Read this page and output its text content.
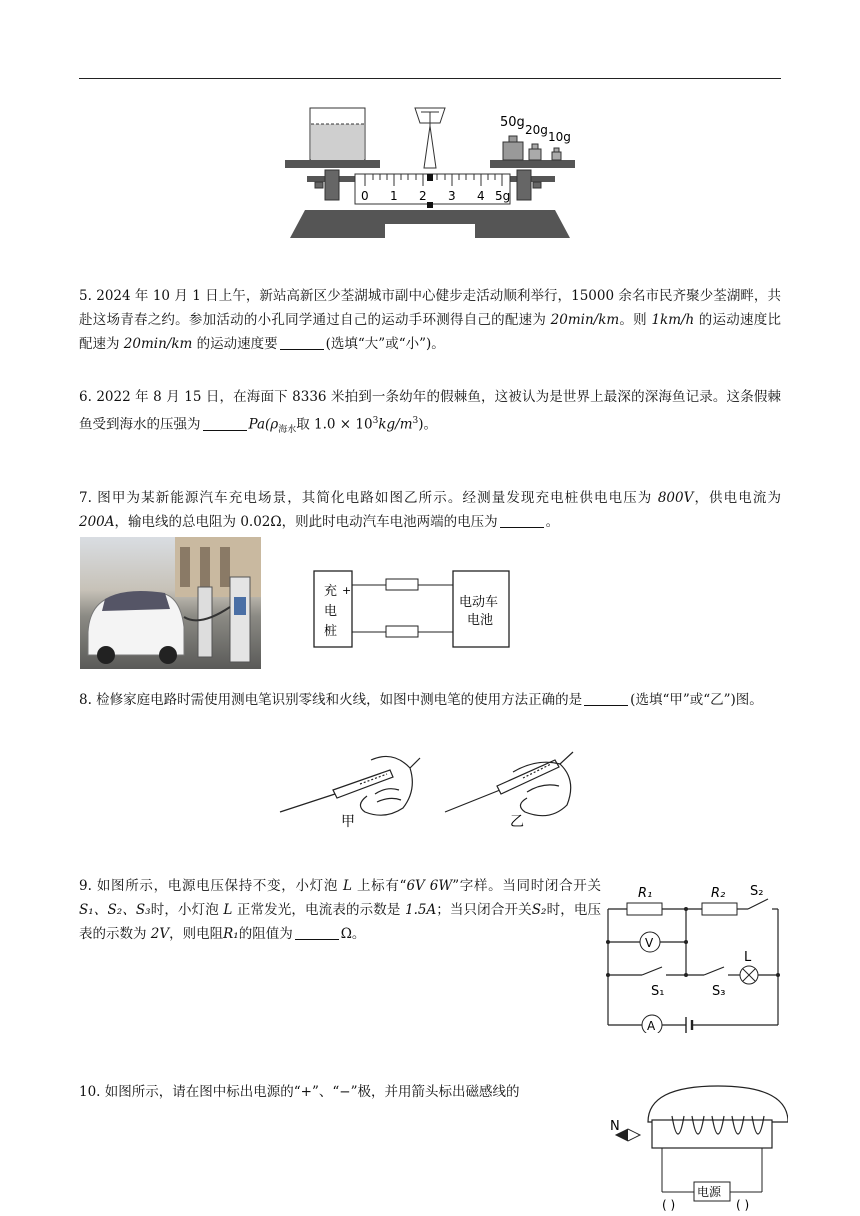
50g 20g 10g
0 1 2 3 4 5g
5. 2024 年 10 月 1 日上午，新站高新区少荃湖城市副中心健步走活动顺利举行，15000 余名市民齐聚少荃湖畔，共赴这场青春之约。参加活动的小孔同学通过自己的运动手环测得自己的配速为 20min/km。则 1km/h 的运动速度比配速为 20min/km 的运动速度要	(选填“大”或“小”)。
6. 2022 年 8 月 15 日，在海面下 8336 米拍到一条幼年的假棘鱼，这被认为是世界上最深的深海鱼记录。这条假棘鱼受到海水的压强为	$Pa(\rho_{海水}$取 $1.0 \times 10^3kg/m^3$)。
7. 图甲为某新能源汽车充电场景，其简化电路如图乙所示。经测量发现充电桩供电电压为 800V，供电电流为 200A，输电线的总电阻为 0.02Ω，则此时电动汽车电池两端的电压为	。
充 +
电
桩
电动车
电池
8. 检修家庭电路时需使用测电笔识别零线和火线，如图中测电笔的使用方法正确的是	(选填“甲”或“乙”)图。
甲	乙
9. 如图所示，电源电压保持不变，小灯泡 L 上标有“6V 6W”字样。当同时闭合开关S₁、S₂、S₃时，小灯泡 L 正常发光，电流表的示数是 1.5A；当只闭合开关S₂时，电压表的示数为 2V，则电阻R₁的阻值为	Ω。
V
A
R₁	R₂ S₂
S₁	S₃
L
10. 如图所示，请在图中标出电源的“+”、“−”极，并用箭头标出磁感线的
N
电源
( )	( )
